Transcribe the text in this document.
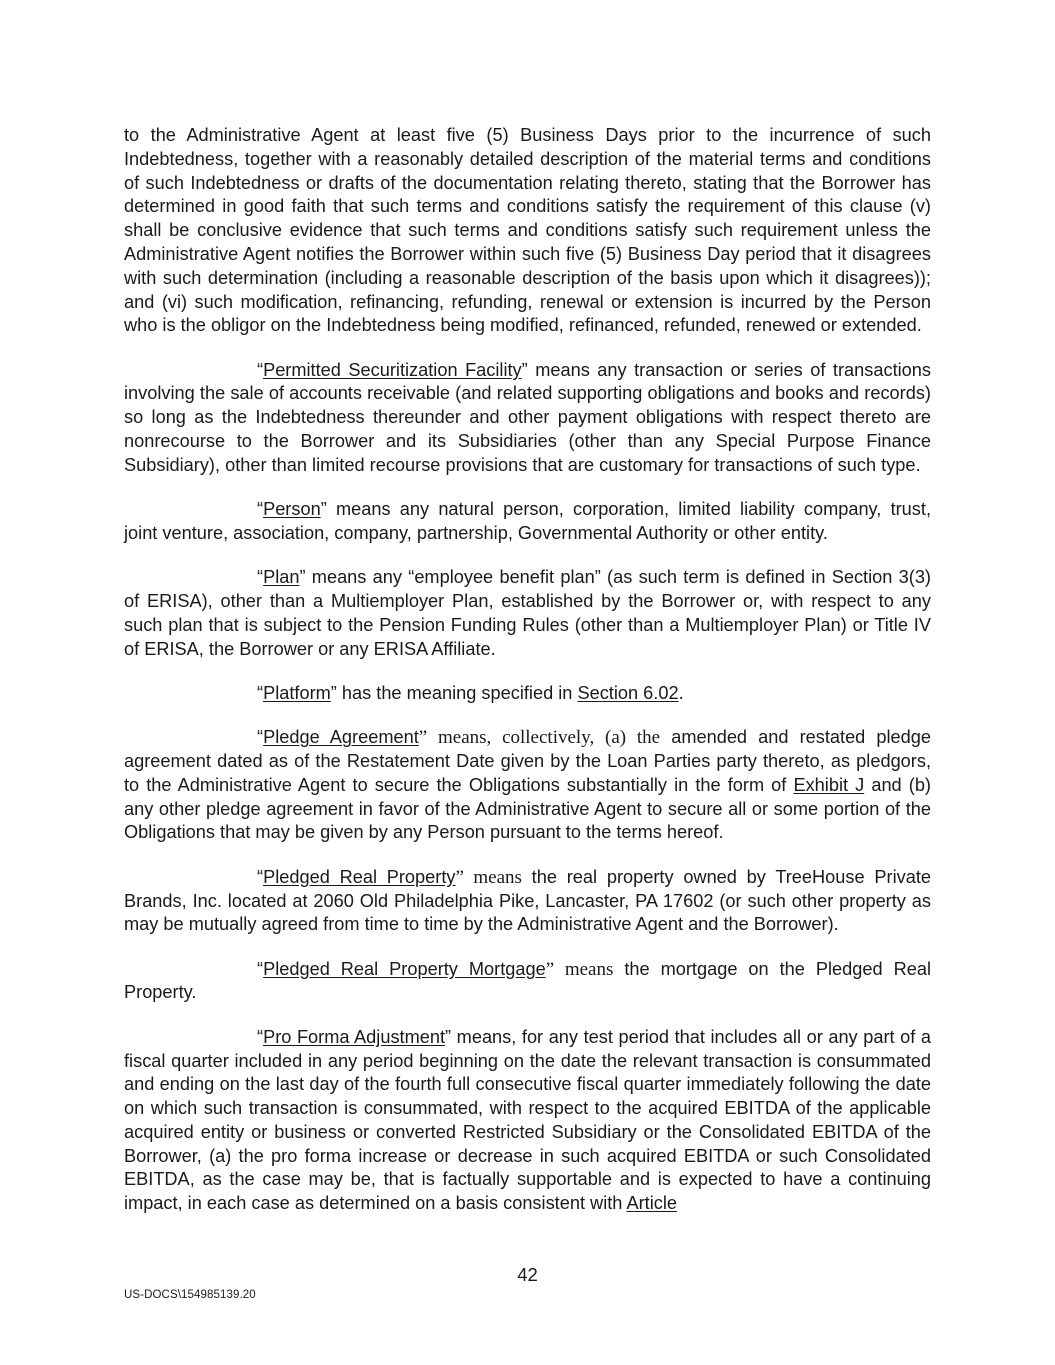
to the Administrative Agent at least five (5) Business Days prior to the incurrence of such Indebtedness, together with a reasonably detailed description of the material terms and conditions of such Indebtedness or drafts of the documentation relating thereto, stating that the Borrower has determined in good faith that such terms and conditions satisfy the requirement of this clause (v) shall be conclusive evidence that such terms and conditions satisfy such requirement unless the Administrative Agent notifies the Borrower within such five (5) Business Day period that it disagrees with such determination (including a reasonable description of the basis upon which it disagrees)); and (vi) such modification, refinancing, refunding, renewal or extension is incurred by the Person who is the obligor on the Indebtedness being modified, refinanced, refunded, renewed or extended.

“Permitted Securitization Facility” means any transaction or series of transactions involving the sale of accounts receivable (and related supporting obligations and books and records) so long as the Indebtedness thereunder and other payment obligations with respect thereto are nonrecourse to the Borrower and its Subsidiaries (other than any Special Purpose Finance Subsidiary), other than limited recourse provisions that are customary for transactions of such type.

“Person” means any natural person, corporation, limited liability company, trust, joint venture, association, company, partnership, Governmental Authority or other entity.

“Plan” means any “employee benefit plan” (as such term is defined in Section 3(3) of ERISA), other than a Multiemployer Plan, established by the Borrower or, with respect to any such plan that is subject to the Pension Funding Rules (other than a Multiemployer Plan) or Title IV of ERISA, the Borrower or any ERISA Affiliate.

“Platform” has the meaning specified in Section 6.02.

“Pledge Agreement” means, collectively, (a) the amended and restated pledge agreement dated as of the Restatement Date given by the Loan Parties party thereto, as pledgors, to the Administrative Agent to secure the Obligations substantially in the form of Exhibit J and (b) any other pledge agreement in favor of the Administrative Agent to secure all or some portion of the Obligations that may be given by any Person pursuant to the terms hereof.

“Pledged Real Property” means the real property owned by TreeHouse Private Brands, Inc. located at 2060 Old Philadelphia Pike, Lancaster, PA 17602 (or such other property as may be mutually agreed from time to time by the Administrative Agent and the Borrower).

“Pledged Real Property Mortgage” means the mortgage on the Pledged Real Property.

“Pro Forma Adjustment” means, for any test period that includes all or any part of a fiscal quarter included in any period beginning on the date the relevant transaction is consummated and ending on the last day of the fourth full consecutive fiscal quarter immediately following the date on which such transaction is consummated, with respect to the acquired EBITDA of the applicable acquired entity or business or converted Restricted Subsidiary or the Consolidated EBITDA of the Borrower, (a) the pro forma increase or decrease in such acquired EBITDA or such Consolidated EBITDA, as the case may be, that is factually supportable and is expected to have a continuing impact, in each case as determined on a basis consistent with Article

42
US-DOCS\154985139.20
